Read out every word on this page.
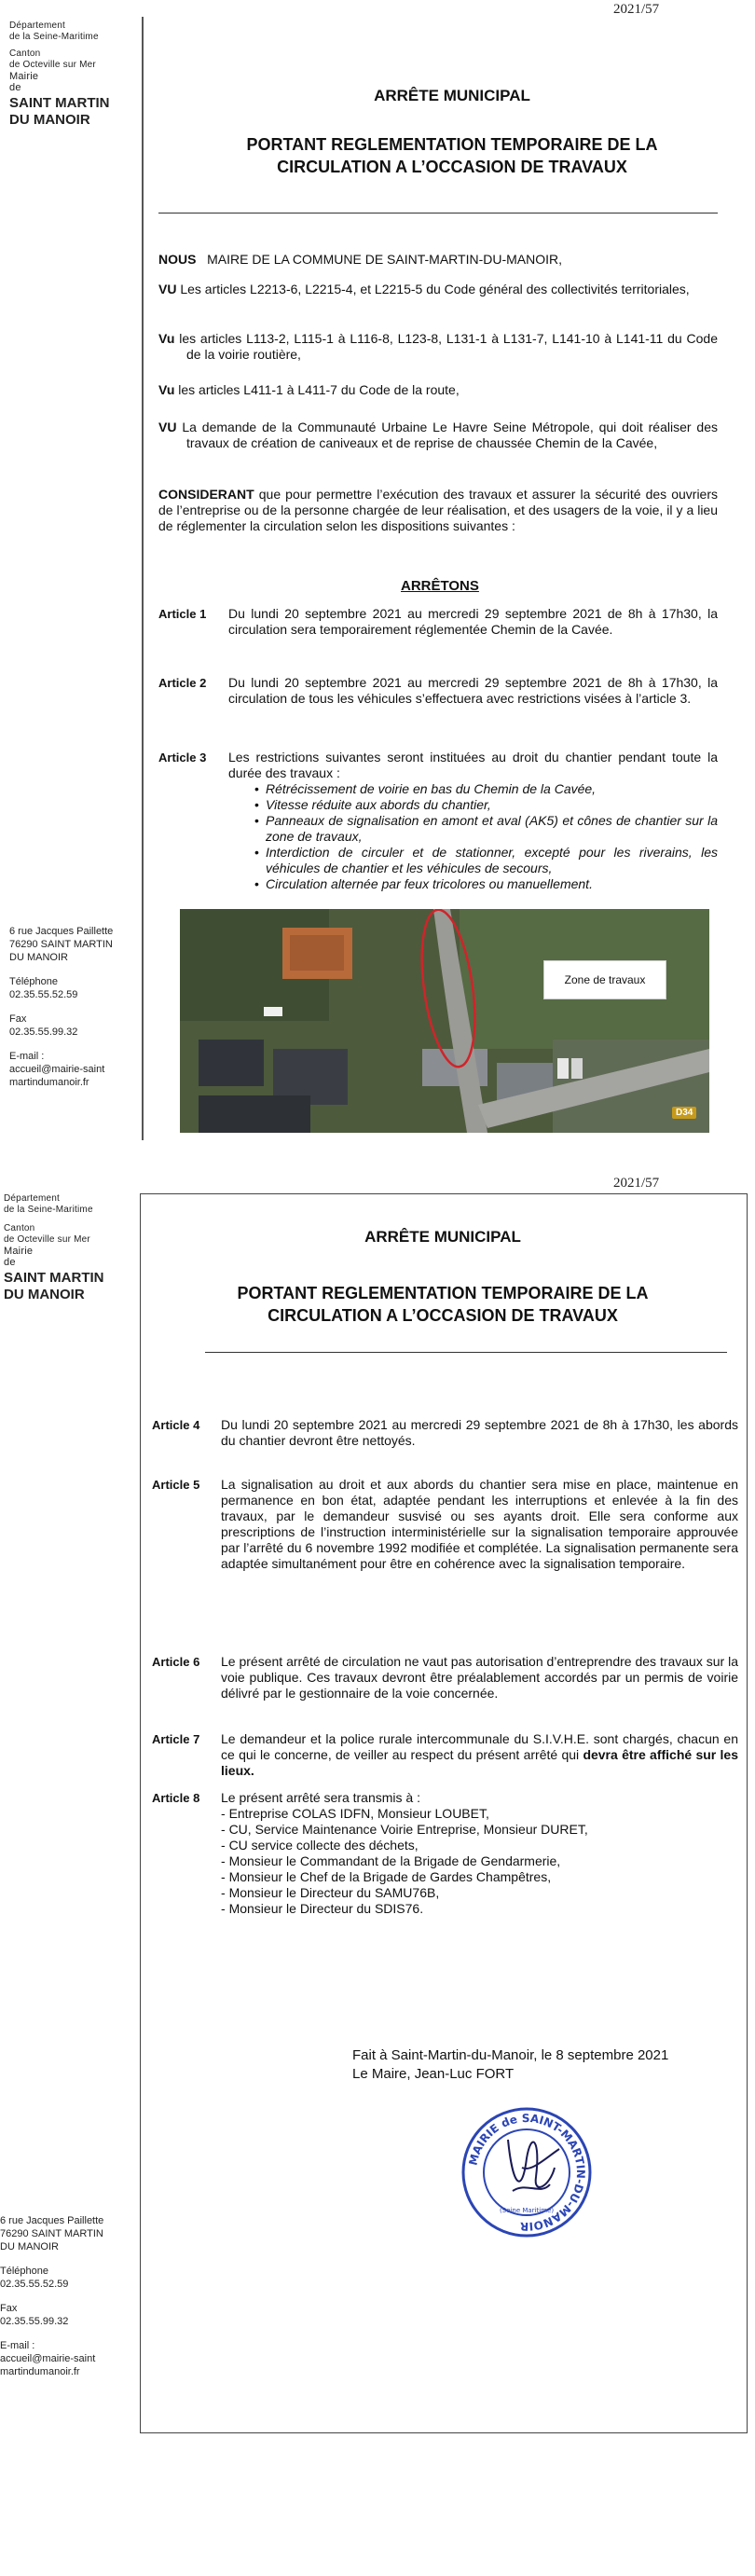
2021/57
Département
de la Seine-Maritime
Canton
de Octeville sur Mer
Mairie
de
SAINT MARTIN
DU MANOIR
6 rue Jacques Paillette
76290 SAINT MARTIN
DU MANOIR
Téléphone
02.35.55.52.59
Fax
02.35.55.99.32
E-mail :
accueil@mairie-saint
martindumanoir.fr
ARRÊTE MUNICIPAL
PORTANT REGLEMENTATION TEMPORAIRE DE LA
CIRCULATION A L’OCCASION DE TRAVAUX
NOUS MAIRE DE LA COMMUNE DE SAINT-MARTIN-DU-MANOIR,
VU Les articles L2213-6, L2215-4, et L2215-5 du Code général des collectivités territoriales,
Vu les articles L113-2, L115-1 à L116-8, L123-8, L131-1 à L131-7, L141-10 à L141-11 du Code de la voirie routière,
Vu les articles L411-1 à L411-7 du Code de la route,
VU La demande de la Communauté Urbaine Le Havre Seine Métropole, qui doit réaliser des travaux de création de caniveaux et de reprise de chaussée Chemin de la Cavée,
CONSIDERANT que pour permettre l’exécution des travaux et assurer la sécurité des ouvriers de l’entreprise ou de la personne chargée de leur réalisation, et des usagers de la voie, il y a lieu de réglementer la circulation selon les dispositions suivantes :
ARRÊTONS
Article 1 Du lundi 20 septembre 2021 au mercredi 29 septembre 2021 de 8h à 17h30, la circulation sera temporairement réglementée Chemin de la Cavée.
Article 2 Du lundi 20 septembre 2021 au mercredi 29 septembre 2021 de 8h à 17h30, la circulation de tous les véhicules s’effectuera avec restrictions visées à l’article 3.
Article 3 Les restrictions suivantes seront instituées au droit du chantier pendant toute la durée des travaux :
• Rétrécissement de voirie en bas du Chemin de la Cavée,
• Vitesse réduite aux abords du chantier,
• Panneaux de signalisation en amont et aval (AK5) et cônes de chantier sur la zone de travaux,
• Interdiction de circuler et de stationner, excepté pour les riverains, les véhicules de chantier et les véhicules de secours,
• Circulation alternée par feux tricolores ou manuellement.
Zone de travaux
D34
2021/57
Département
de la Seine-Maritime
Canton
de Octeville sur Mer
Mairie
de
SAINT MARTIN
DU MANOIR
6 rue Jacques Paillette
76290 SAINT MARTIN
DU MANOIR
Téléphone
02.35.55.52.59
Fax
02.35.55.99.32
E-mail :
accueil@mairie-saint
martindumanoir.fr
ARRÊTE MUNICIPAL
PORTANT REGLEMENTATION TEMPORAIRE DE LA
CIRCULATION A L’OCCASION DE TRAVAUX
Article 4 Du lundi 20 septembre 2021 au mercredi 29 septembre 2021 de 8h à 17h30, les abords du chantier devront être nettoyés.
Article 5 La signalisation au droit et aux abords du chantier sera mise en place, maintenue en permanence en bon état, adaptée pendant les interruptions et enlevée à la fin des travaux, par le demandeur susvisé ou ses ayants droit. Elle sera conforme aux prescriptions de l’instruction interministérielle sur la signalisation temporaire approuvée par l’arrêté du 6 novembre 1992 modifiée et complétée. La signalisation permanente sera adaptée simultanément pour être en cohérence avec la signalisation temporaire.
Article 6 Le présent arrêté de circulation ne vaut pas autorisation d’entreprendre des travaux sur la voie publique. Ces travaux devront être préalablement accordés par un permis de voirie délivré par le gestionnaire de la voie concernée.
Article 7 Le demandeur et la police rurale intercommunale du S.I.V.H.E. sont chargés, chacun en ce qui le concerne, de veiller au respect du présent arrêté qui devra être affiché sur les lieux.
Article 8 Le présent arrêté sera transmis à :
- Entreprise COLAS IDFN, Monsieur LOUBET,
- CU, Service Maintenance Voirie Entreprise, Monsieur DURET,
- CU service collecte des déchets,
- Monsieur le Commandant de la Brigade de Gendarmerie,
- Monsieur le Chef de la Brigade de Gardes Champêtres,
- Monsieur le Directeur du SAMU76B,
- Monsieur le Directeur du SDIS76.
Fait à Saint-Martin-du-Manoir, le 8 septembre 2021
Le Maire, Jean-Luc FORT
MAIRIE de SAINT-MARTIN-DU-MANOIR
(Seine Maritime)
